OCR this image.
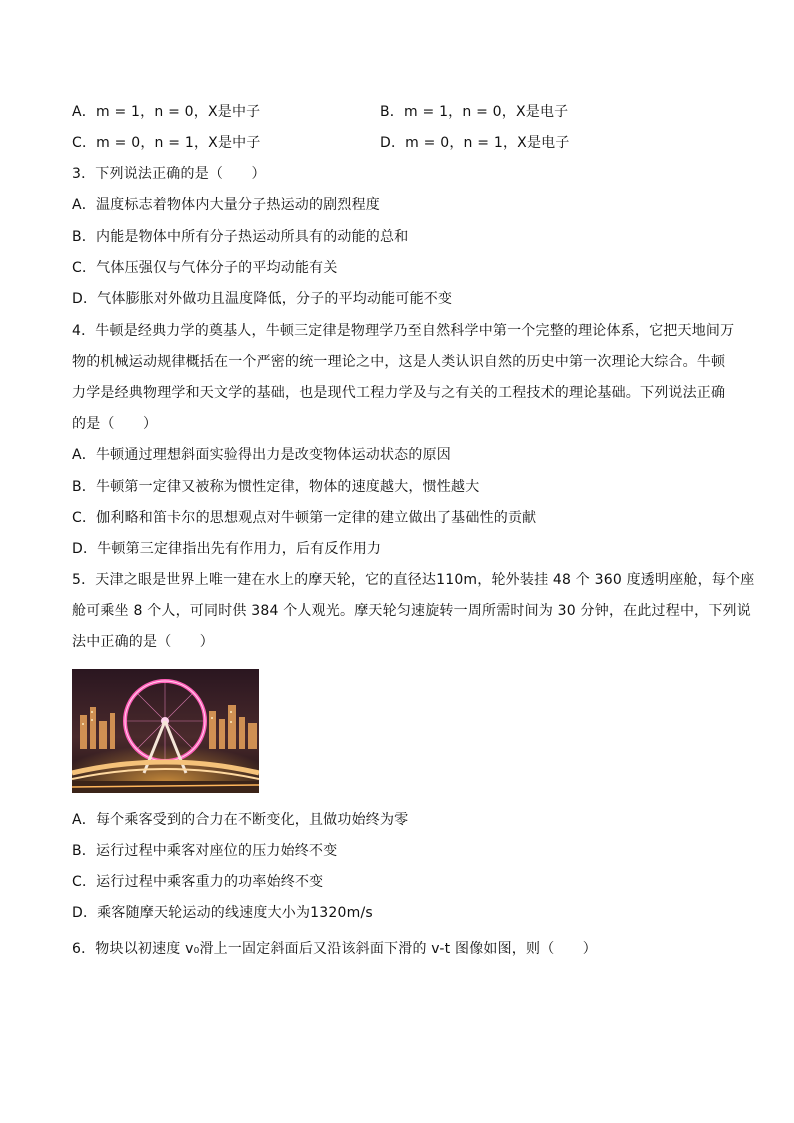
A．m = 1，n = 0，X是中子	B．m = 1，n = 0，X是电子
C．m = 0，n = 1，X是中子	D．m = 0，n = 1，X是电子
3．下列说法正确的是（　　）
A．温度标志着物体内大量分子热运动的剧烈程度
B．内能是物体中所有分子热运动所具有的动能的总和
C．气体压强仅与气体分子的平均动能有关
D．气体膨胀对外做功且温度降低，分子的平均动能可能不变
4．牛顿是经典力学的奠基人，牛顿三定律是物理学乃至自然科学中第一个完整的理论体系，它把天地间万
物的机械运动规律概括在一个严密的统一理论之中，这是人类认识自然的历史中第一次理论大综合。牛顿
力学是经典物理学和天文学的基础，也是现代工程力学及与之有关的工程技术的理论基础。下列说法正确
的是（　　）
A．牛顿通过理想斜面实验得出力是改变物体运动状态的原因
B．牛顿第一定律又被称为惯性定律，物体的速度越大，惯性越大
C．伽利略和笛卡尔的思想观点对牛顿第一定律的建立做出了基础性的贡献
D．牛顿第三定律指出先有作用力，后有反作用力
5．天津之眼是世界上唯一建在水上的摩天轮，它的直径达110m，轮外装挂 48 个 360 度透明座舱，每个座
舱可乘坐 8 个人，可同时供 384 个人观光。摩天轮匀速旋转一周所需时间为 30 分钟，在此过程中，下列说
法中正确的是（　　）
A．每个乘客受到的合力在不断变化，且做功始终为零
B．运行过程中乘客对座位的压力始终不变
C．运行过程中乘客重力的功率始终不变
D．乘客随摩天轮运动的线速度大小为1320m/s
6．物块以初速度 v₀滑上一固定斜面后又沿该斜面下滑的 v-t 图像如图，则（　　）
